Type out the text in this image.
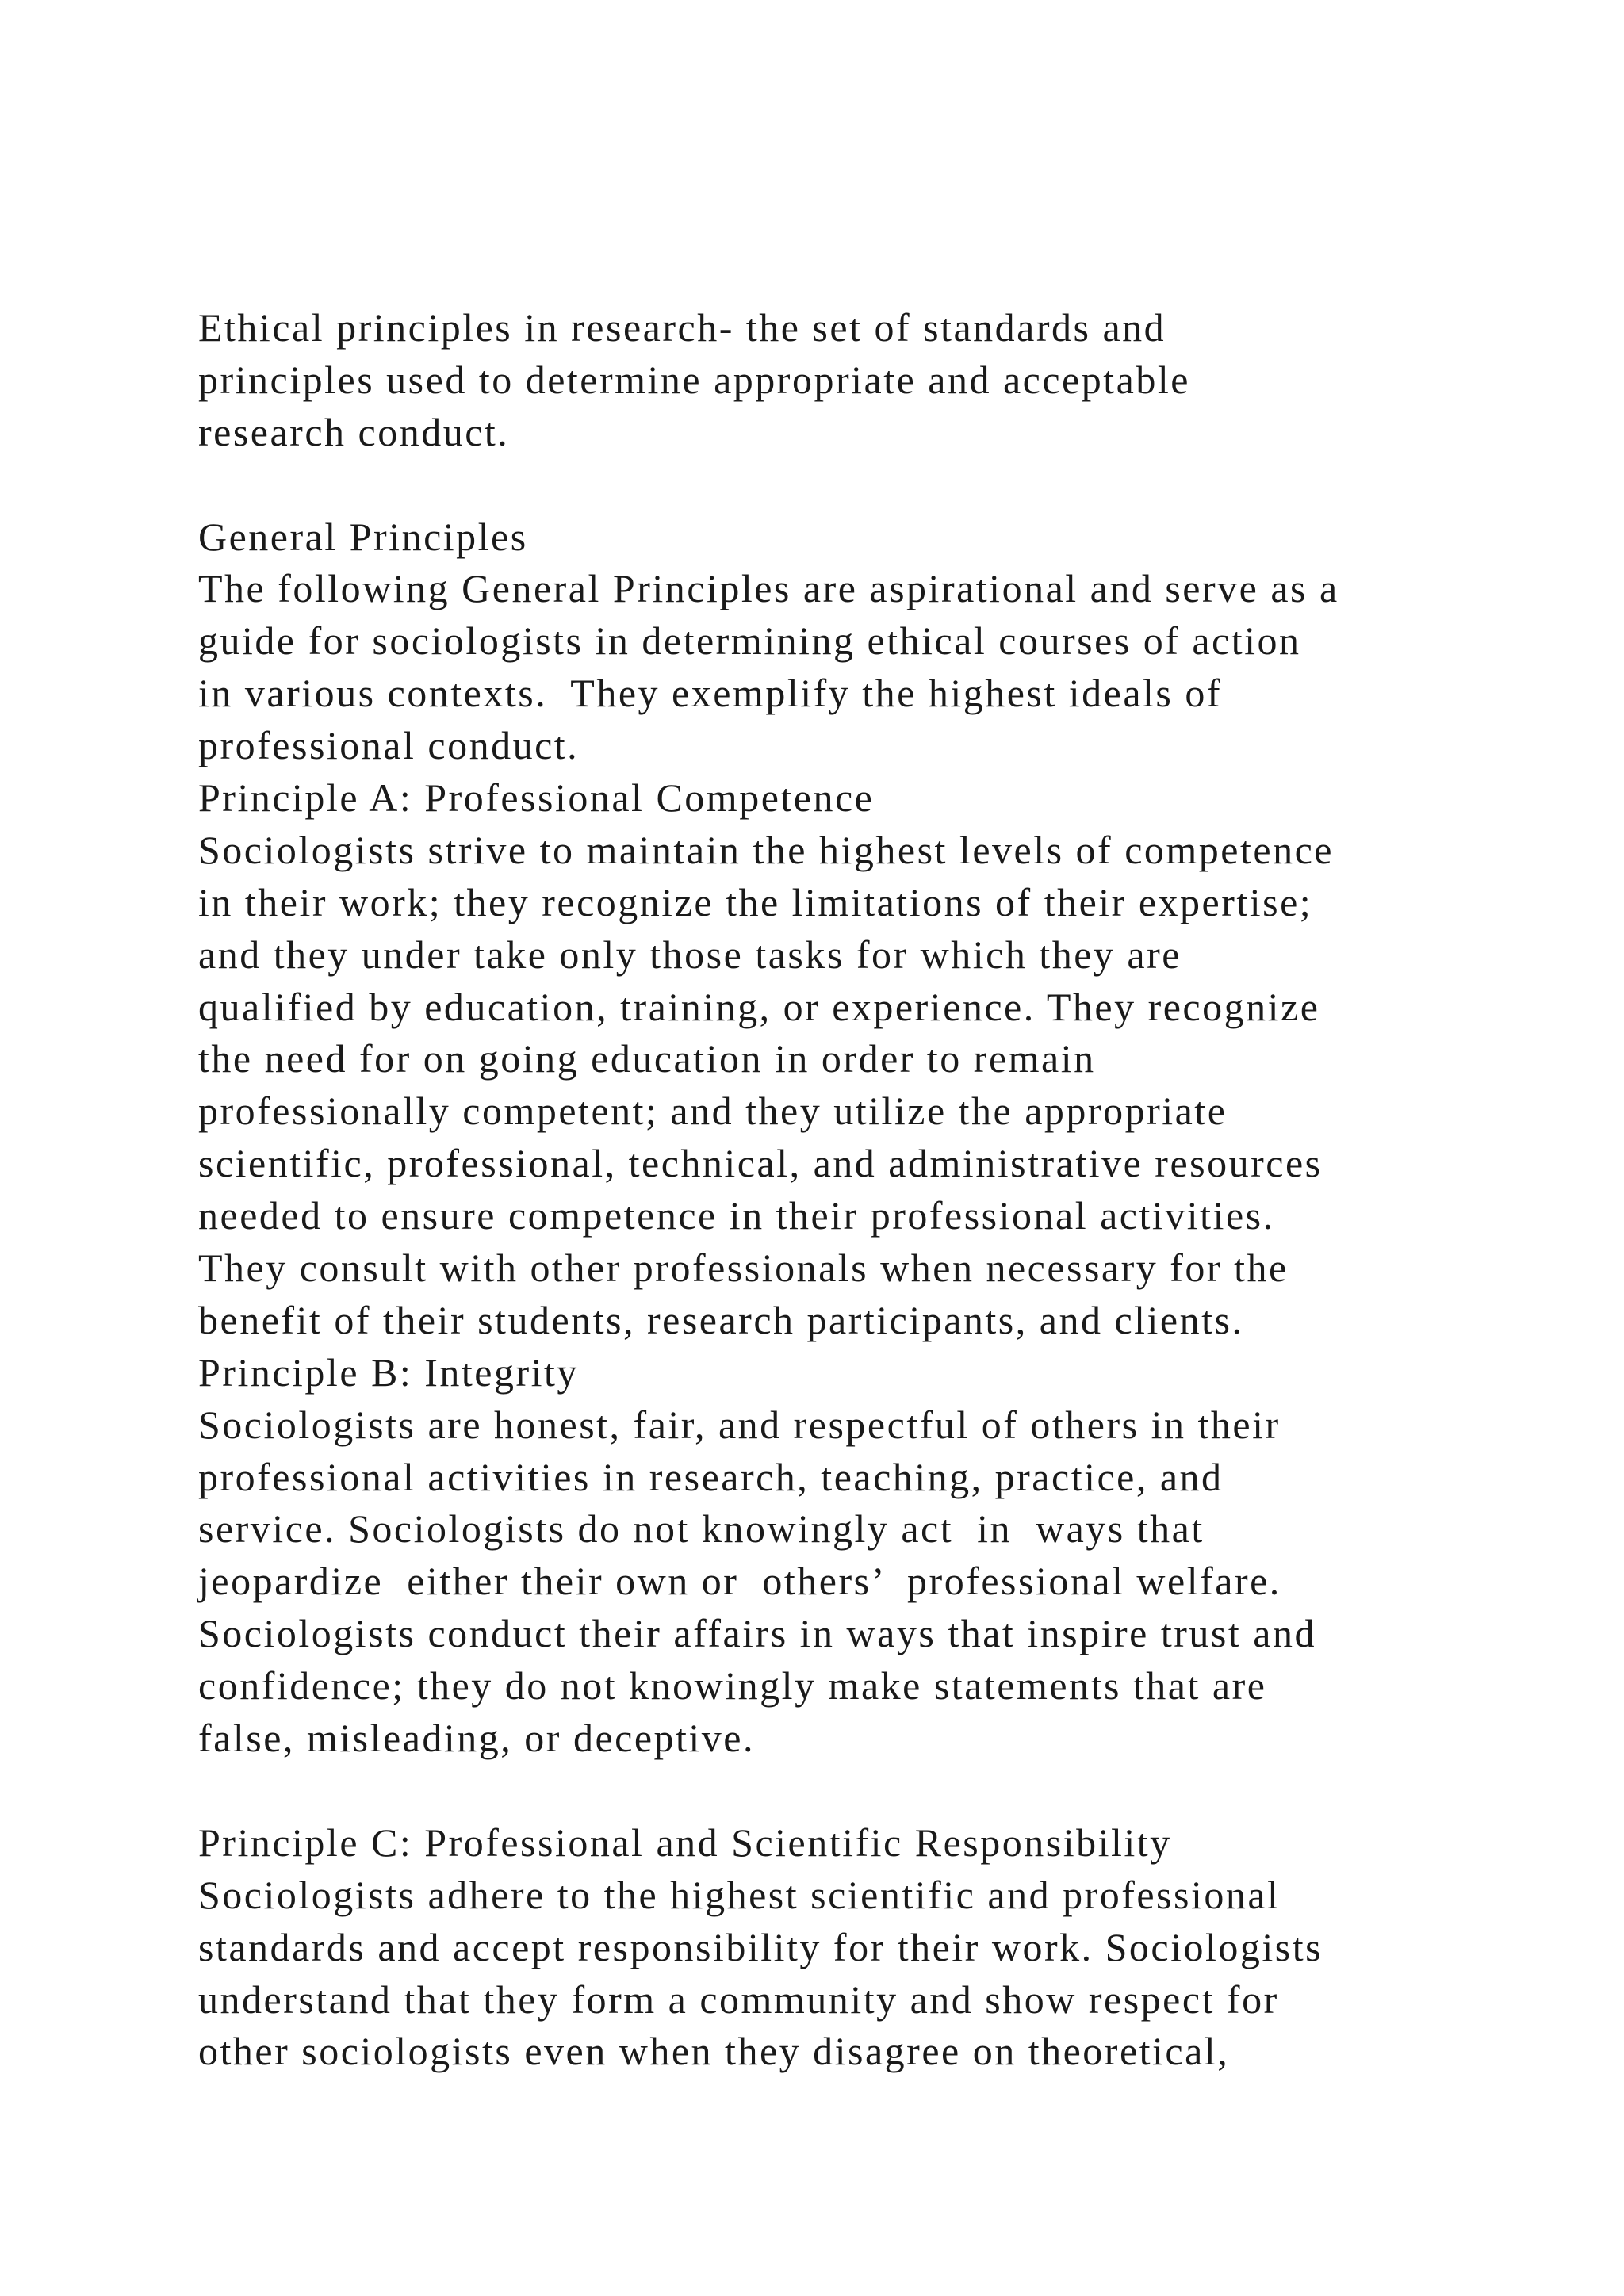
Ethical principles in research- the set of standards and
principles used to determine appropriate and acceptable
research conduct.
General Principles
The following General Principles are aspirational and serve as a
guide for sociologists in determining ethical courses of action
in various contexts.  They exemplify the highest ideals of
professional conduct.
Principle A: Professional Competence
Sociologists strive to maintain the highest levels of competence
in their work; they recognize the limitations of their expertise;
and they under take only those tasks for which they are
qualified by education, training, or experience. They recognize
the need for on going education in order to remain
professionally competent; and they utilize the appropriate
scientific, professional, technical, and administrative resources
needed to ensure competence in their professional activities.
They consult with other professionals when necessary for the
benefit of their students, research participants, and clients.
Principle B: Integrity
Sociologists are honest, fair, and respectful of others in their
professional activities in research, teaching, practice, and
service. Sociologists do not knowingly act  in  ways that
jeopardize  either their own or  others’  professional welfare.
Sociologists conduct their affairs in ways that inspire trust and
confidence; they do not knowingly make statements that are
false, misleading, or deceptive.
Principle C: Professional and Scientific Responsibility
Sociologists adhere to the highest scientific and professional
standards and accept responsibility for their work. Sociologists
understand that they form a community and show respect for
other sociologists even when they disagree on theoretical,
